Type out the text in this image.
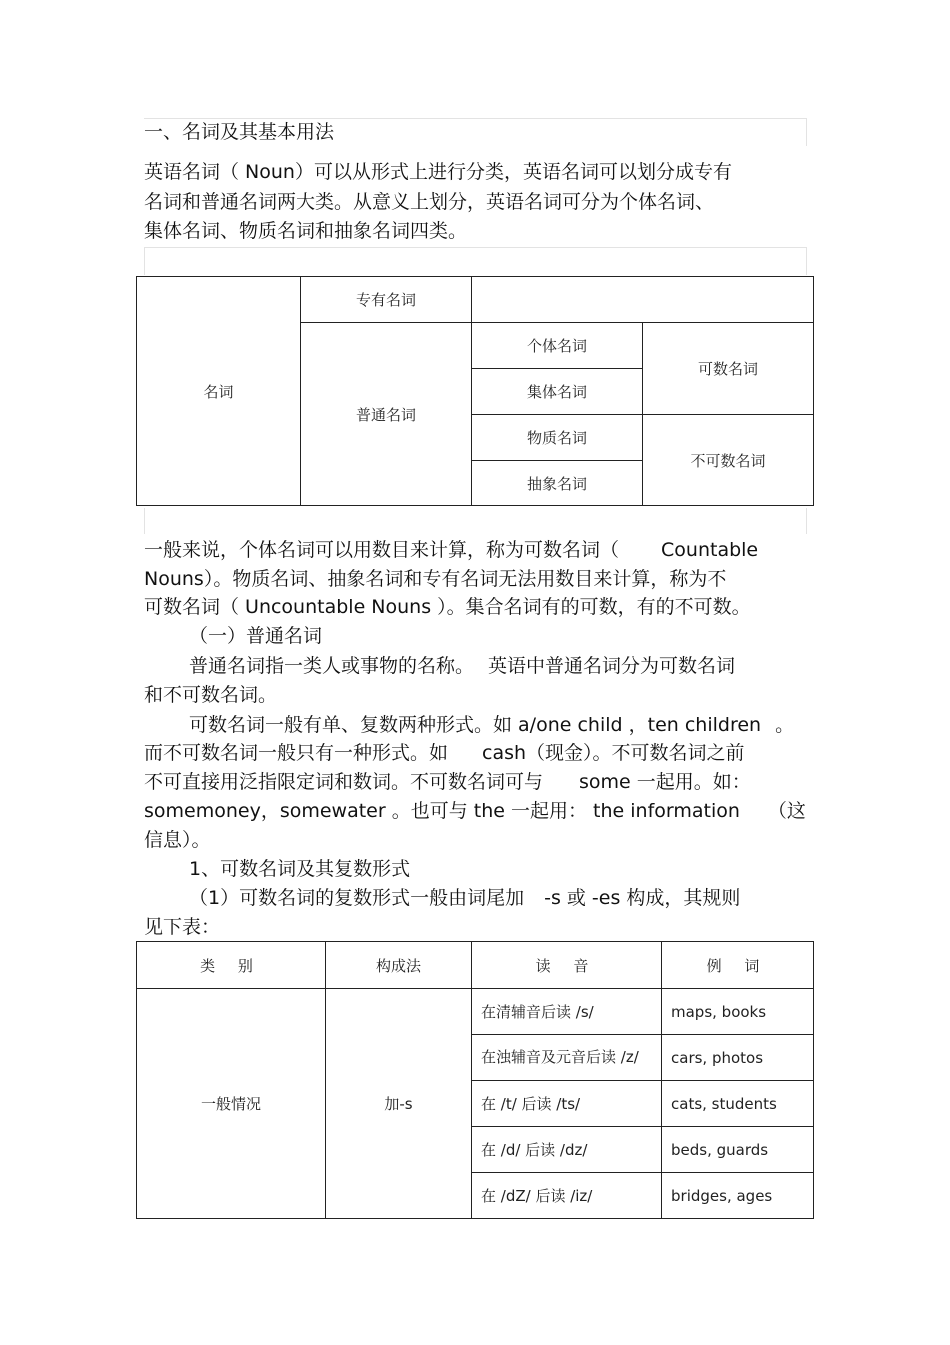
一、名词及其基本用法
英语名词（ Noun）可以从形式上进行分类，英语名词可以划分成专有
名词和普通名词两大类。从意义上划分，英语名词可分为个体名词、
集体名词、物质名词和抽象名词四类。
名词	专有名词		
	普通名词	个体名词	可数名词
		集体名词	
		物质名词	不可数名词
		抽象名词	
一般来说，个体名词可以用数目来计算，称为可数名词（ Countable
Nouns）。物质名词、抽象名词和专有名词无法用数目来计算，称为不
可数名词（ Uncountable Nouns ）。集合名词有的可数，有的不可数。
（一）普通名词
普通名词指一类人或事物的名称。 英语中普通名词分为可数名词
和不可数名词。
可数名词一般有单、复数两种形式。如 a/one child ，ten children 。
而不可数名词一般只有一种形式。如 cash（现金）。不可数名词之前
不可直接用泛指限定词和数词。不可数名词可与 some 一起用。如：
somemoney，somewater 。也可与 the 一起用： the information （这
信息）。
1、可数名词及其复数形式
（1）可数名词的复数形式一般由词尾加 -s 或 -es 构成，其规则
见下表：
类 别	构成法	读 音	例 词
一般情况	加-s	在清辅音后读 /s/	maps, books
		在浊辅音及元音后读 /z/	cars, photos
		在 /t/ 后读 /ts/	cats, students
		在 /d/ 后读 /dz/	beds, guards
		在 /dZ/ 后读 /iz/	bridges, ages
